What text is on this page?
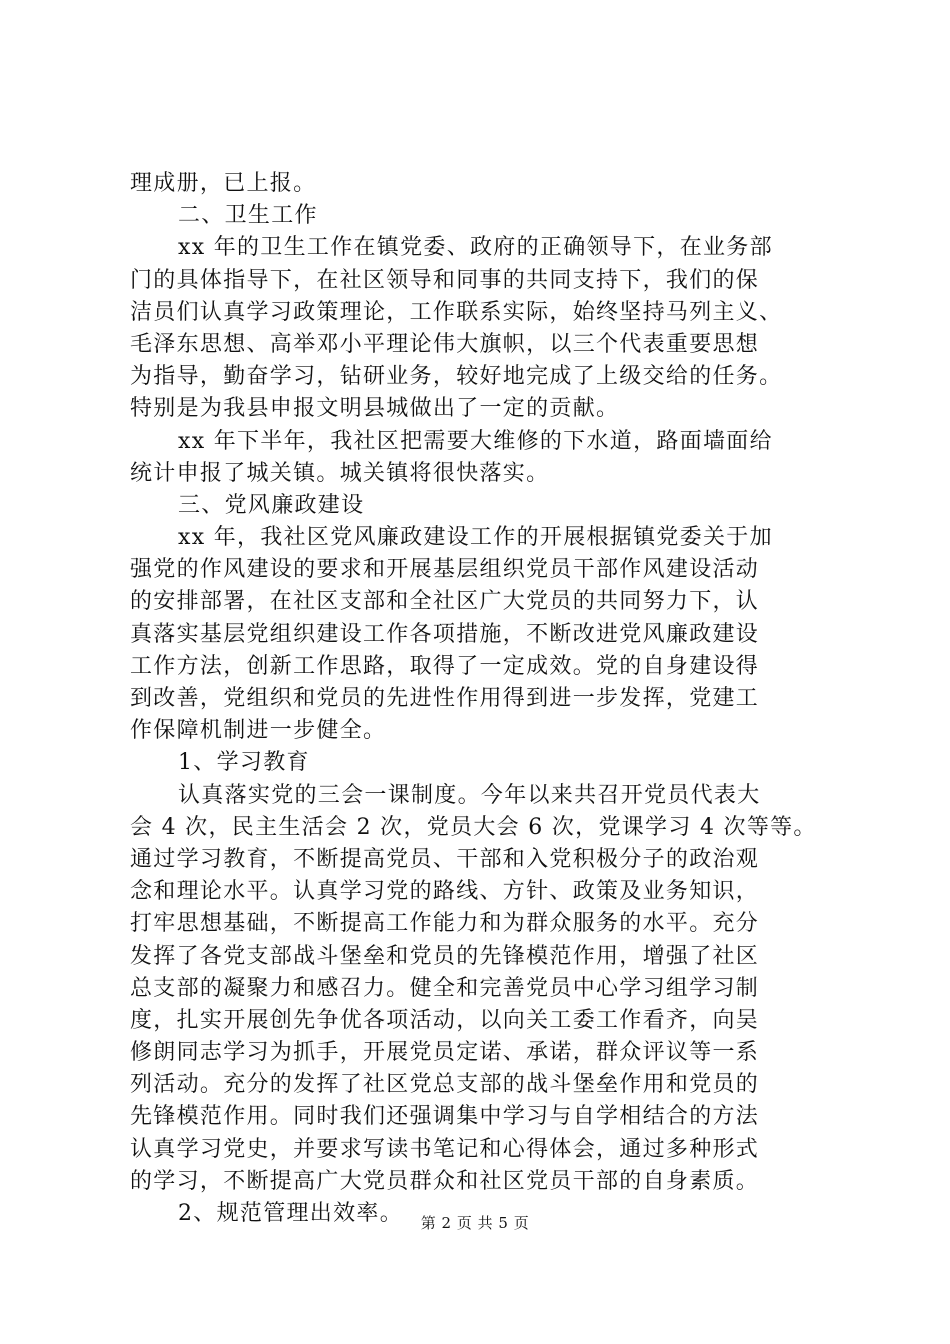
理成册，已上报。
二、卫生工作
xx 年的卫生工作在镇党委、政府的正确领导下，在业务部
门的具体指导下，在社区领导和同事的共同支持下，我们的保
洁员们认真学习政策理论，工作联系实际，始终坚持马列主义、
毛泽东思想、高举邓小平理论伟大旗帜，以三个代表重要思想
为指导，勤奋学习，钻研业务，较好地完成了上级交给的任务。
特别是为我县申报文明县城做出了一定的贡献。
xx 年下半年，我社区把需要大维修的下水道，路面墙面给
统计申报了城关镇。城关镇将很快落实。
三、党风廉政建设
xx 年，我社区党风廉政建设工作的开展根据镇党委关于加
强党的作风建设的要求和开展基层组织党员干部作风建设活动
的安排部署，在社区支部和全社区广大党员的共同努力下，认
真落实基层党组织建设工作各项措施，不断改进党风廉政建设
工作方法，创新工作思路，取得了一定成效。党的自身建设得
到改善，党组织和党员的先进性作用得到进一步发挥，党建工
作保障机制进一步健全。
1、学习教育
认真落实党的三会一课制度。今年以来共召开党员代表大
会 4 次，民主生活会 2 次，党员大会 6 次，党课学习 4 次等等。
通过学习教育，不断提高党员、干部和入党积极分子的政治观
念和理论水平。认真学习党的路线、方针、政策及业务知识，
打牢思想基础，不断提高工作能力和为群众服务的水平。充分
发挥了各党支部战斗堡垒和党员的先锋模范作用，增强了社区
总支部的凝聚力和感召力。健全和完善党员中心学习组学习制
度，扎实开展创先争优各项活动，以向关工委工作看齐，向吴
修朗同志学习为抓手，开展党员定诺、承诺，群众评议等一系
列活动。充分的发挥了社区党总支部的战斗堡垒作用和党员的
先锋模范作用。同时我们还强调集中学习与自学相结合的方法
认真学习党史，并要求写读书笔记和心得体会，通过多种形式
的学习，不断提高广大党员群众和社区党员干部的自身素质。
2、规范管理出效率。	第 2 页 共 5 页
